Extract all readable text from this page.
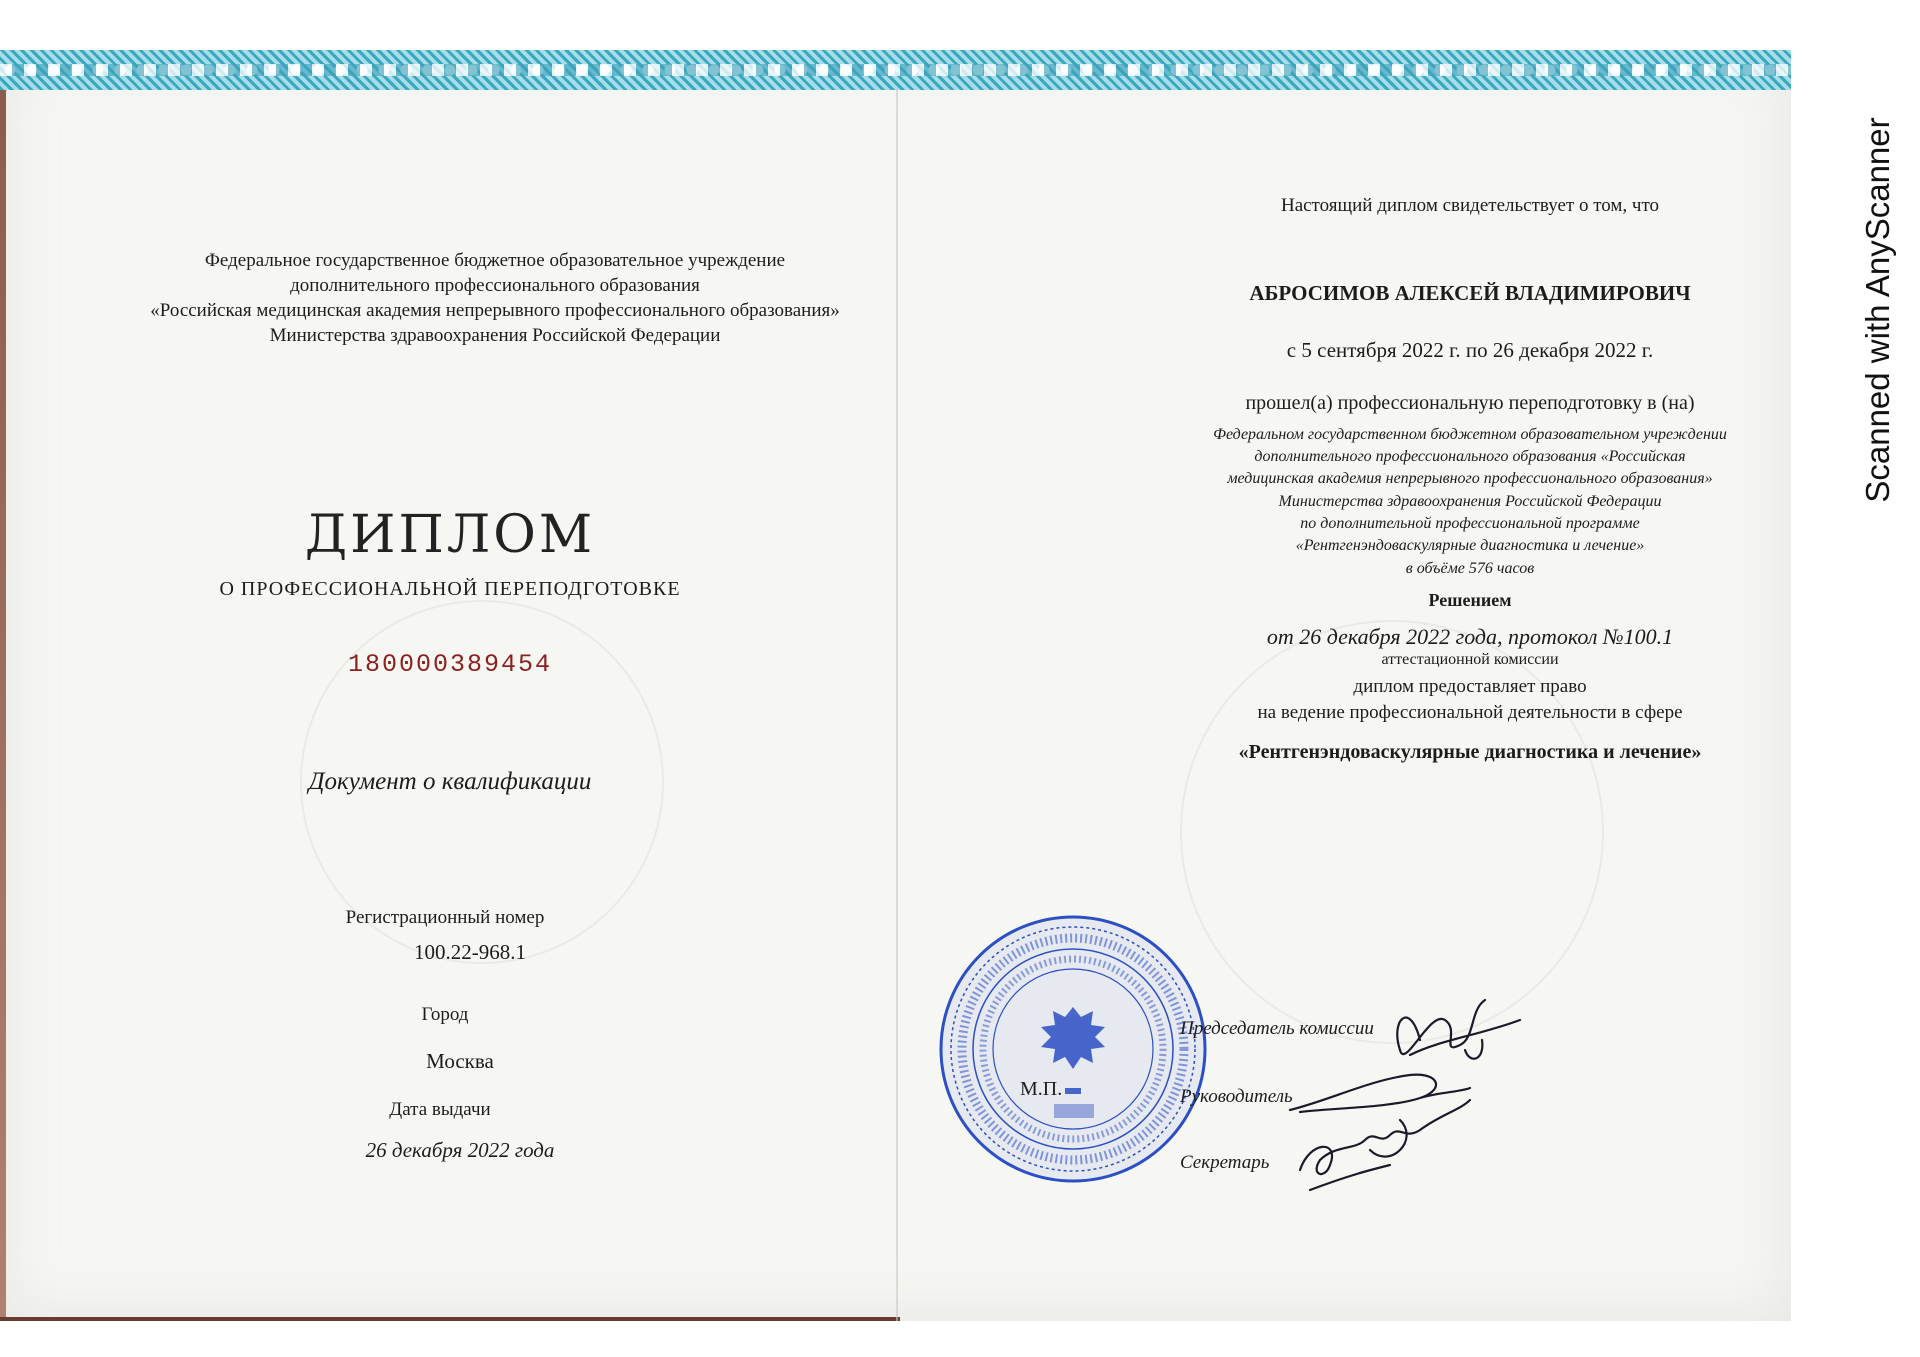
Scanned with AnyScanner
Федеральное государственное бюджетное образовательное учреждение
дополнительного профессионального образования
«Российская медицинская академия непрерывного профессионального образования»
Министерства здравоохранения Российской Федерации
ДИПЛОМ
О ПРОФЕССИОНАЛЬНОЙ ПЕРЕПОДГОТОВКЕ
180000389454
Документ о квалификации
Регистрационный номер
100.22-968.1
Город
Москва
Дата выдачи
26 декабря 2022 года
Настоящий диплом свидетельствует о том, что
АБРОСИМОВ АЛЕКСЕЙ ВЛАДИМИРОВИЧ
с 5 сентября 2022 г. по 26 декабря 2022 г.
прошел(а) профессиональную переподготовку в (на)
Федеральном государственном бюджетном образовательном учреждении
дополнительного профессионального образования «Российская
медицинская академия непрерывного профессионального образования»
Министерства здравоохранения Российской Федерации
по дополнительной профессиональной программе
«Рентгенэндоваскулярные диагностика и лечение»
в объёме 576 часов
Решением
от 26 декабря 2022 года, протокол №100.1
аттестационной комиссии
диплом предоставляет право
на ведение профессиональной деятельности в сфере
«Рентгенэндоваскулярные диагностика и лечение»
М.П.
Председатель комиссии
Руководитель
Секретарь
